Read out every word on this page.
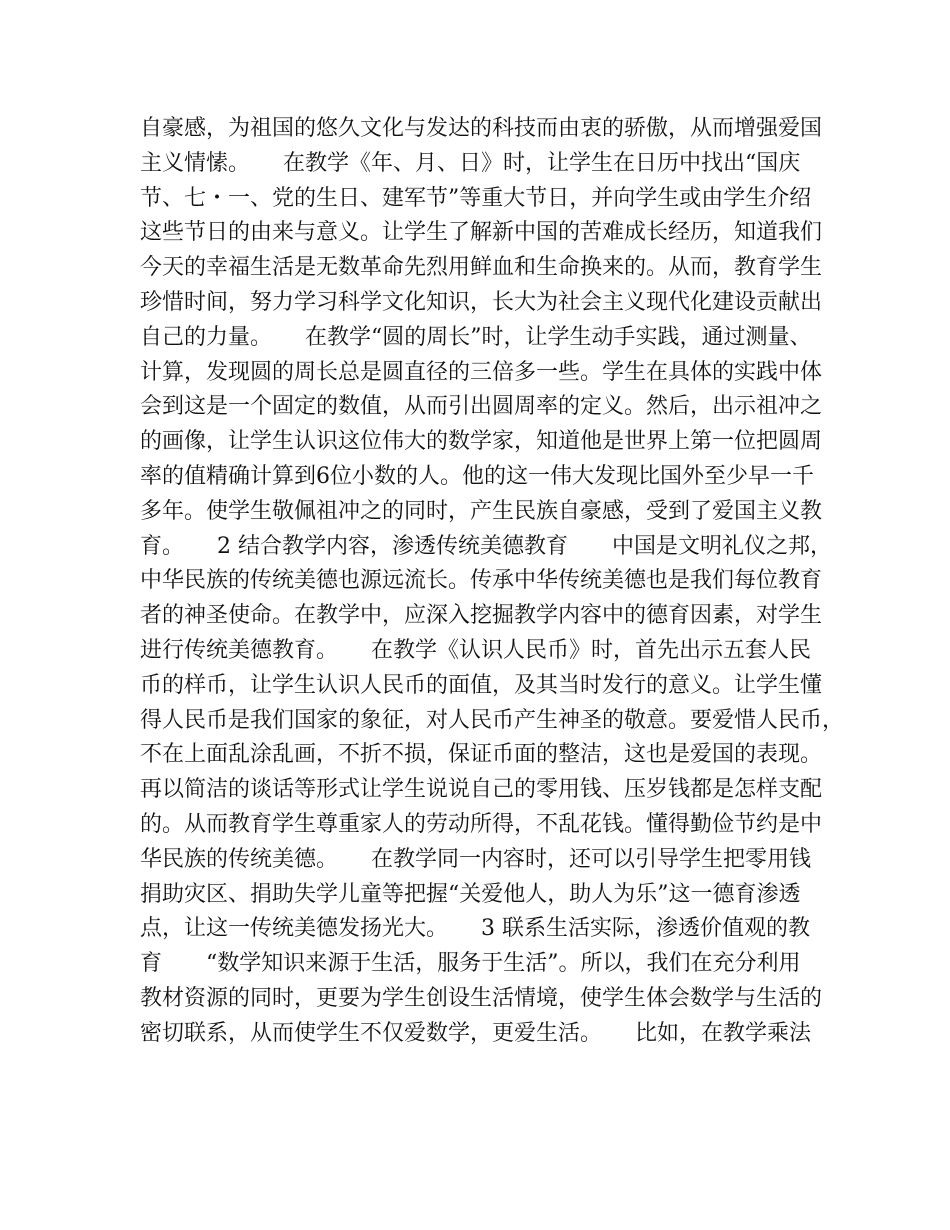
自豪感，为祖国的悠久文化与发达的科技而由衷的骄傲，从而增强爱国
主义情愫。　　在教学《年、月、日》时，让学生在日历中找出“国庆
节、七・一、党的生日、建军节”等重大节日，并向学生或由学生介绍
这些节日的由来与意义。让学生了解新中国的苦难成长经历，知道我们
今天的幸福生活是无数革命先烈用鲜血和生命换来的。从而，教育学生
珍惜时间，努力学习科学文化知识，长大为社会主义现代化建设贡献出
自己的力量。　　在教学“圆的周长”时，让学生动手实践，通过测量、
计算，发现圆的周长总是圆直径的三倍多一些。学生在具体的实践中体
会到这是一个固定的数值，从而引出圆周率的定义。然后，出示祖冲之
的画像，让学生认识这位伟大的数学家，知道他是世界上第一位把圆周
率的值精确计算到6位小数的人。他的这一伟大发现比国外至少早一千
多年。使学生敬佩祖冲之的同时，产生民族自豪感，受到了爱国主义教
育。　　2 结合教学内容，渗透传统美德教育　　中国是文明礼仪之邦，
中华民族的传统美德也源远流长。传承中华传统美德也是我们每位教育
者的神圣使命。在教学中，应深入挖掘教学内容中的德育因素，对学生
进行传统美德教育。　　在教学《认识人民币》时，首先出示五套人民
币的样币，让学生认识人民币的面值，及其当时发行的意义。让学生懂
得人民币是我们国家的象征，对人民币产生神圣的敬意。要爱惜人民币，
不在上面乱涂乱画，不折不损，保证币面的整洁，这也是爱国的表现。
再以简洁的谈话等形式让学生说说自己的零用钱、压岁钱都是怎样支配
的。从而教育学生尊重家人的劳动所得，不乱花钱。懂得勤俭节约是中
华民族的传统美德。　　在教学同一内容时，还可以引导学生把零用钱
捐助灾区、捐助失学儿童等把握“关爱他人，助人为乐”这一德育渗透
点，让这一传统美德发扬光大。　　3 联系生活实际，渗透价值观的教
育　　“数学知识来源于生活，服务于生活”。所以，我们在充分利用
教材资源的同时，更要为学生创设生活情境，使学生体会数学与生活的
密切联系，从而使学生不仅爱数学，更爱生活。　　比如，在教学乘法
